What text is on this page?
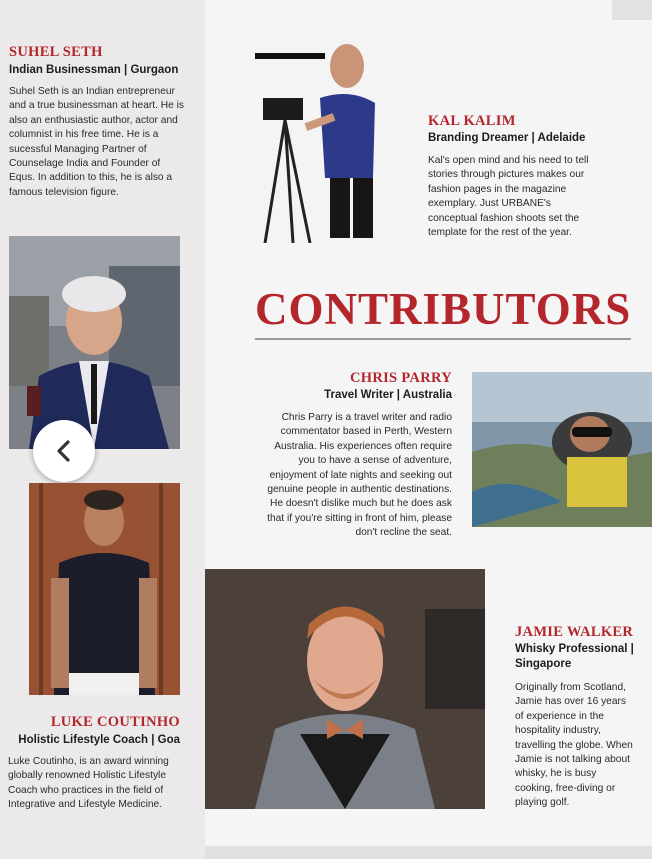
SUHEL SETH

Indian Businessman | Gurgaon

Suhel Seth is an Indian entrepreneur and a true businessman at heart. He is also an enthusiastic author, actor and columnist in his free time. He is a sucessful Managing Partner of Counselage India and Founder of Equs. In addition to this, he is also a famous television figure.

LUKE COUTINHO

Holistic Lifestyle Coach | Goa

Luke Coutinho, is an award winning globally renowned Holistic Lifestyle Coach who practices in the field of Integrative and Lifestyle Medicine.

KAL KALIM

Branding Dreamer | Adelaide

Kal's open mind and his need to tell stories through pictures makes our fashion pages in the magazine exemplary. Just URBANE's conceptual fashion shoots set the template for the rest of the year.

CONTRIBUTORS

CHRIS PARRY

Travel Writer | Australia

Chris Parry is a travel writer and radio commentator based in Perth, Western Australia. His experiences often require you to have a sense of adventure, enjoyment of late nights and seeking out genuine people in authentic destinations. He doesn't dislike much but he does ask that if you're sitting in front of him, please don't recline the seat.

JAMIE WALKER

Whisky Professional | Singapore

Originally from Scotland, Jamie has over 16 years of experience in the hospitality industry, travelling the globe. When Jamie is not talking about whisky, he is busy cooking, free-diving or playing golf.
